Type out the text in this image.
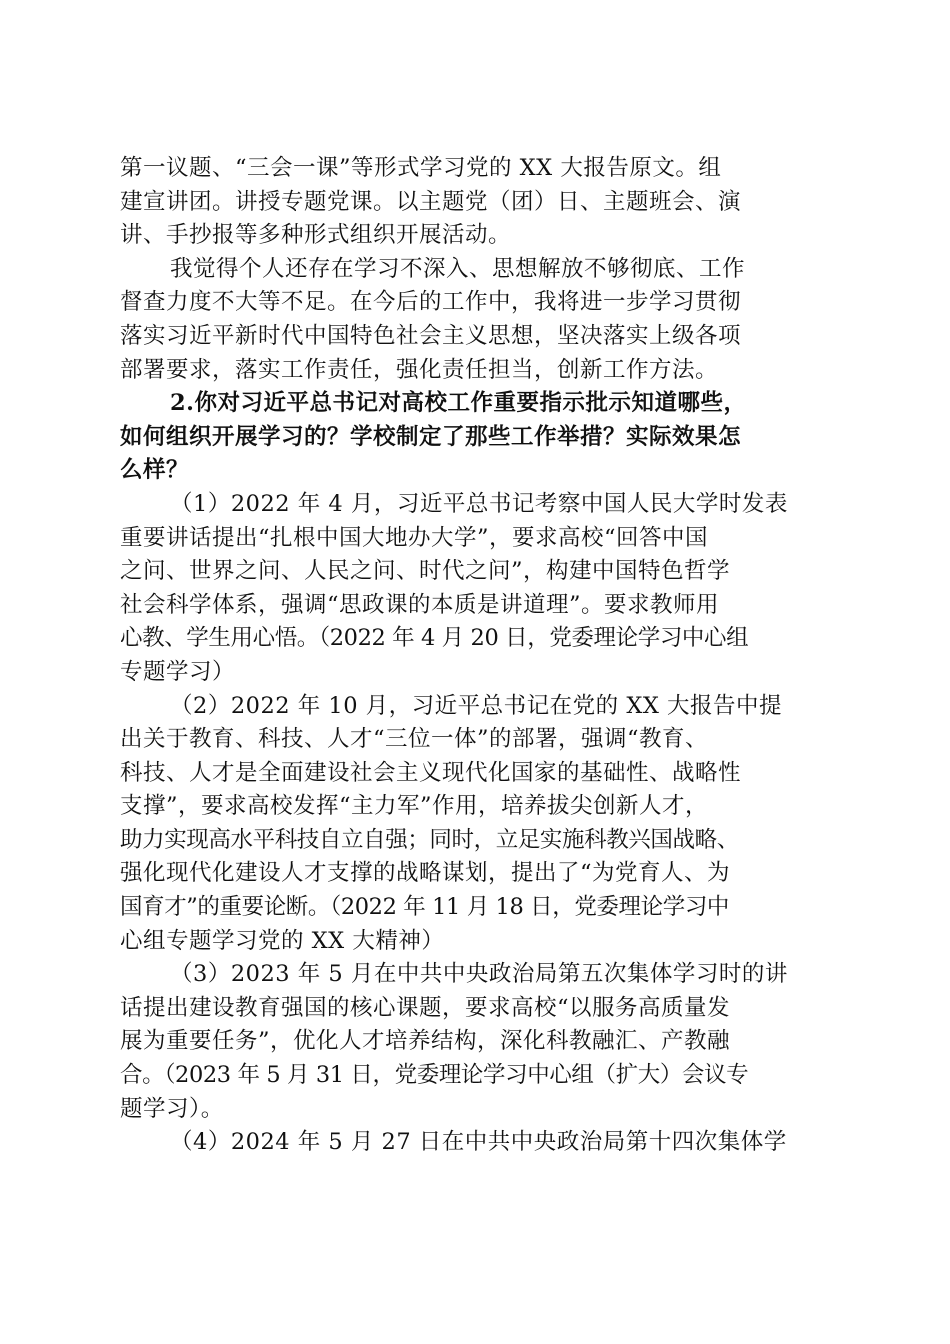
第一议题、“三会一课”等形式学习党的 XX 大报告原文。组
建宣讲团。讲授专题党课。以主题党（团）日、主题班会、演
讲、手抄报等多种形式组织开展活动。
我觉得个人还存在学习不深入、思想解放不够彻底、工作
督查力度不大等不足。在今后的工作中，我将进一步学习贯彻
落实习近平新时代中国特色社会主义思想，坚决落实上级各项
部署要求，落实工作责任，强化责任担当，创新工作方法。
2.你对习近平总书记对高校工作重要指示批示知道哪些，
如何组织开展学习的？学校制定了那些工作举措？实际效果怎
么样？
（1）2022 年 4 月，习近平总书记考察中国人民大学时发表
重要讲话提出“扎根中国大地办大学”，要求高校“回答中国
之问、世界之问、人民之问、时代之问”，构建中国特色哲学
社会科学体系，强调“思政课的本质是讲道理”。要求教师用
心教、学生用心悟。（2022 年 4 月 20 日，党委理论学习中心组
专题学习）
（2）2022 年 10 月，习近平总书记在党的 XX 大报告中提
出关于教育、科技、人才“三位一体”的部署，强调“教育、
科技、人才是全面建设社会主义现代化国家的基础性、战略性
支撑”，要求高校发挥“主力军”作用，培养拔尖创新人才，
助力实现高水平科技自立自强；同时，立足实施科教兴国战略、
强化现代化建设人才支撑的战略谋划，提出了“为党育人、为
国育才”的重要论断。（2022 年 11 月 18 日，党委理论学习中
心组专题学习党的 XX 大精神）
（3）2023 年 5 月在中共中央政治局第五次集体学习时的讲
话提出建设教育强国的核心课题，要求高校“以服务高质量发
展为重要任务”，优化人才培养结构，深化科教融汇、产教融
合。（2023 年 5 月 31 日，党委理论学习中心组（扩大）会议专
题学习）。
（4）2024 年 5 月 27 日在中共中央政治局第十四次集体学
